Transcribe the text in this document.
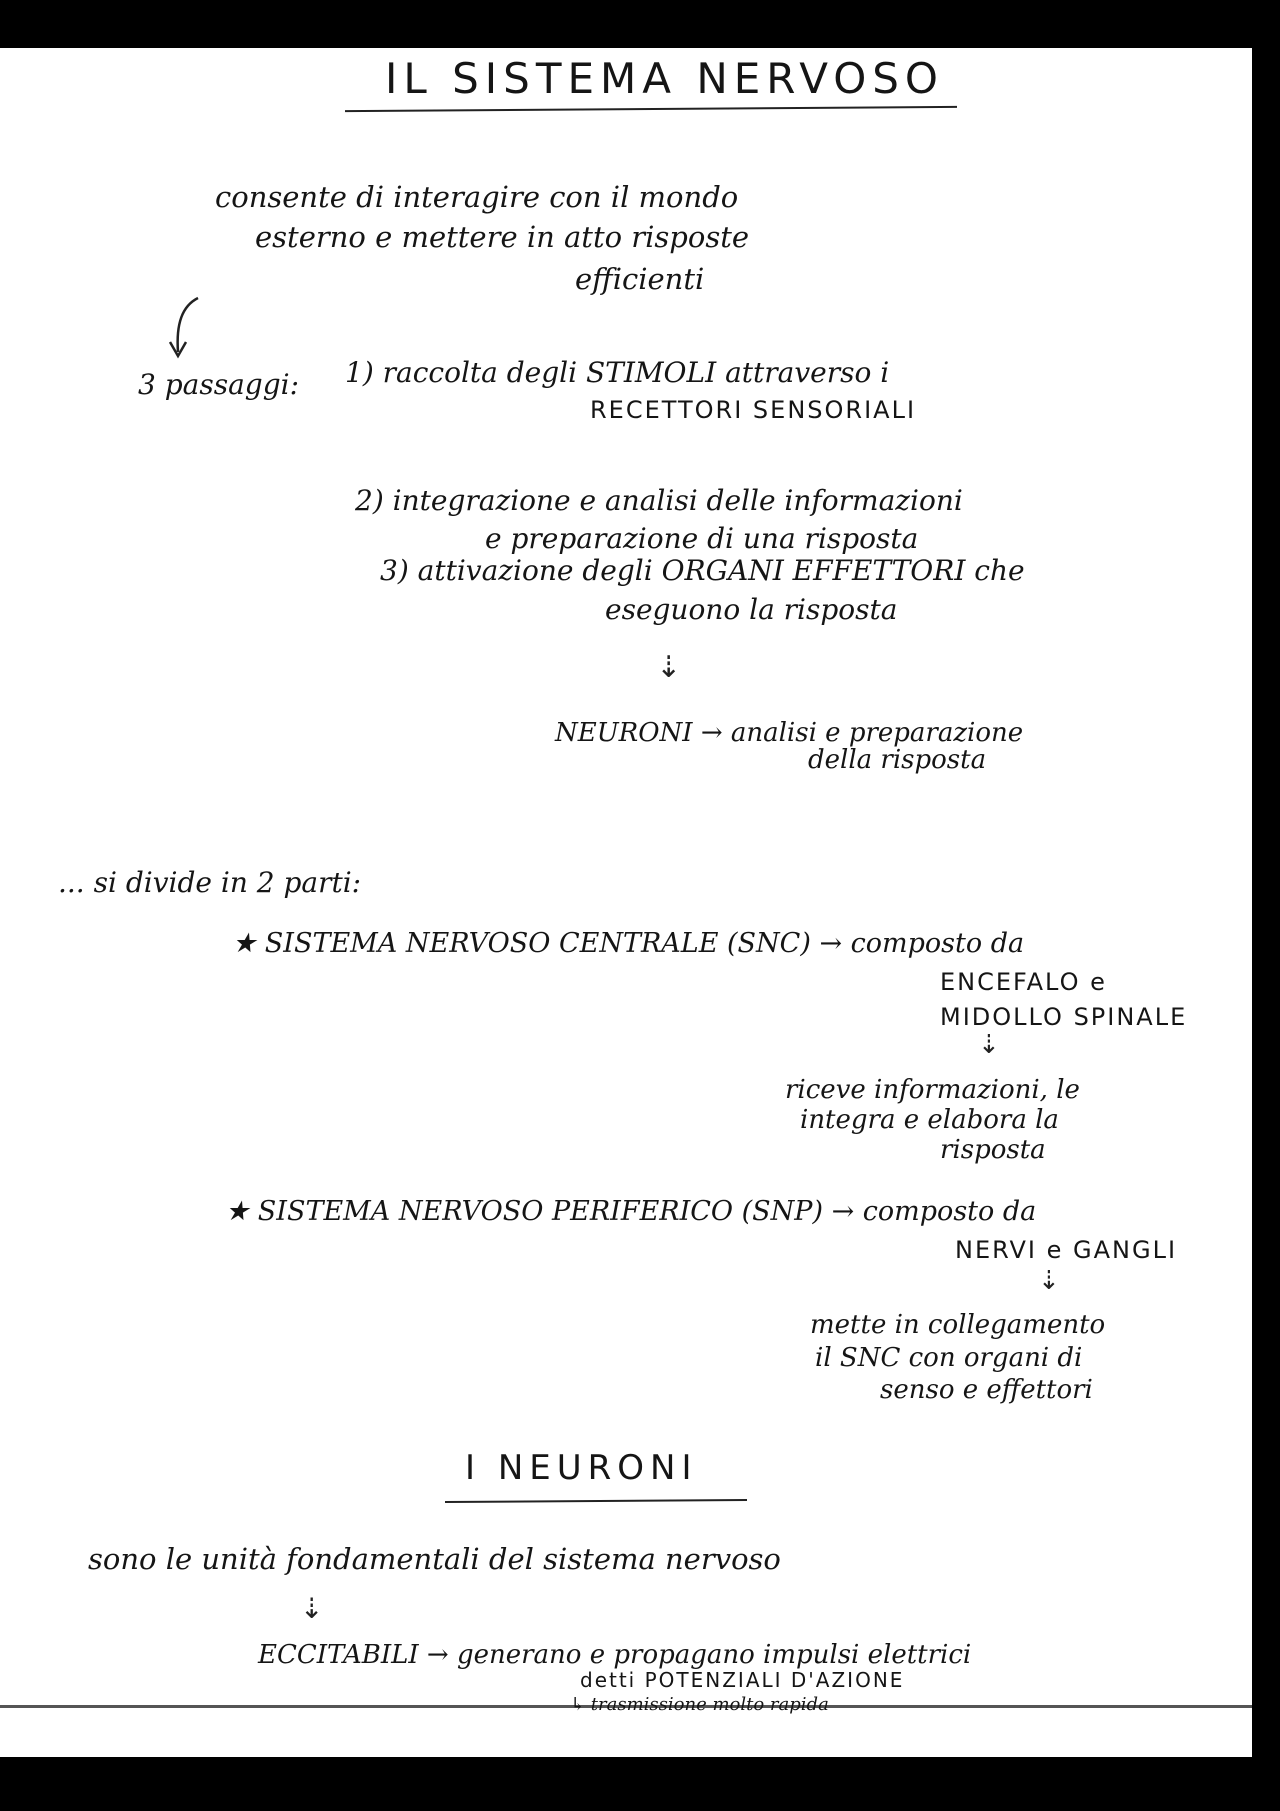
IL SISTEMA NERVOSO
consente di interagire con il mondo
esterno e mettere in atto risposte
efficienti
3 passaggi: 1) raccolta degli STIMOLI attraverso i
RECETTORI SENSORIALI
2) integrazione e analisi delle informazioni
e preparazione di una risposta
3) attivazione degli ORGANI EFFETTORI che
eseguono la risposta
⇣
NEURONI → analisi e preparazione
della risposta
... si divide in 2 parti:
★ SISTEMA NERVOSO CENTRALE (SNC) → composto da
ENCEFALO e
MIDOLLO SPINALE
⇣
riceve informazioni, le
integra e elabora la
risposta
★ SISTEMA NERVOSO PERIFERICO (SNP) → composto da
NERVI e GANGLI
⇣
mette in collegamento
il SNC con organi di
senso e effettori
I NEURONI
sono le unità fondamentali del sistema nervoso
⇣
ECCITABILI → generano e propagano impulsi elettrici
detti POTENZIALI D'AZIONE
↳ trasmissione molto rapida
